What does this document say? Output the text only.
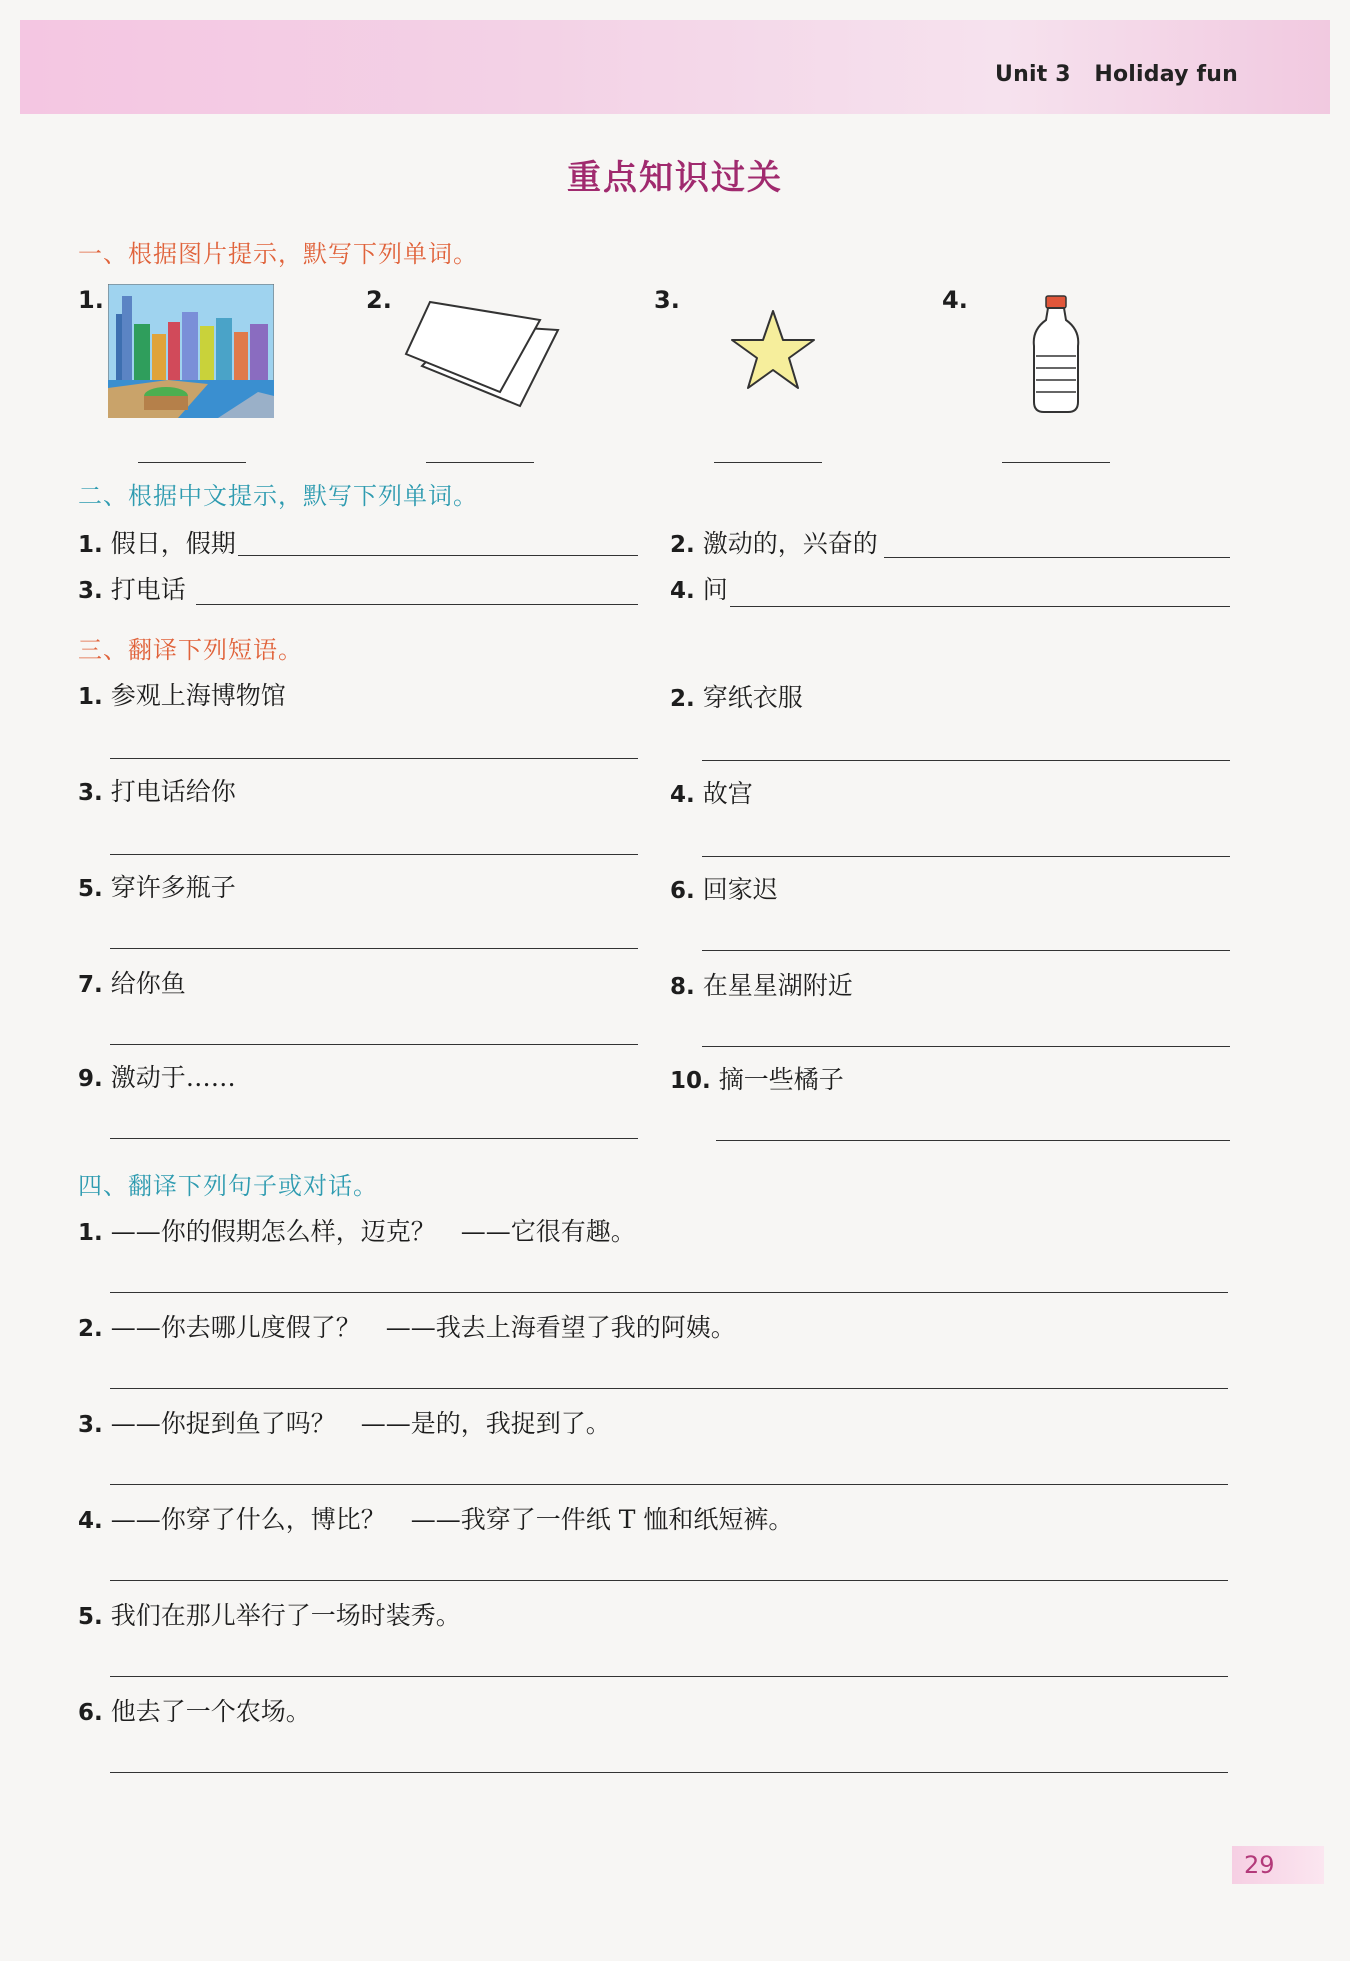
Unit 3 Holiday fun
重点知识过关
一、根据图片提示，默写下列单词。
1.	2.	3.	4.
二、根据中文提示，默写下列单词。
1. 假日，假期	2. 激动的，兴奋的
3. 打电话	4. 问
三、翻译下列短语。
1. 参观上海博物馆	2. 穿纸衣服
3. 打电话给你	4. 故宫
5. 穿许多瓶子	6. 回家迟
7. 给你鱼	8. 在星星湖附近
9. 激动于……	10. 摘一些橘子
四、翻译下列句子或对话。
1. ——你的假期怎么样，迈克？　——它很有趣。
2. ——你去哪儿度假了？　——我去上海看望了我的阿姨。
3. ——你捉到鱼了吗？　——是的，我捉到了。
4. ——你穿了什么，博比？　——我穿了一件纸 T 恤和纸短裤。
5. 我们在那儿举行了一场时装秀。
6. 他去了一个农场。
29
